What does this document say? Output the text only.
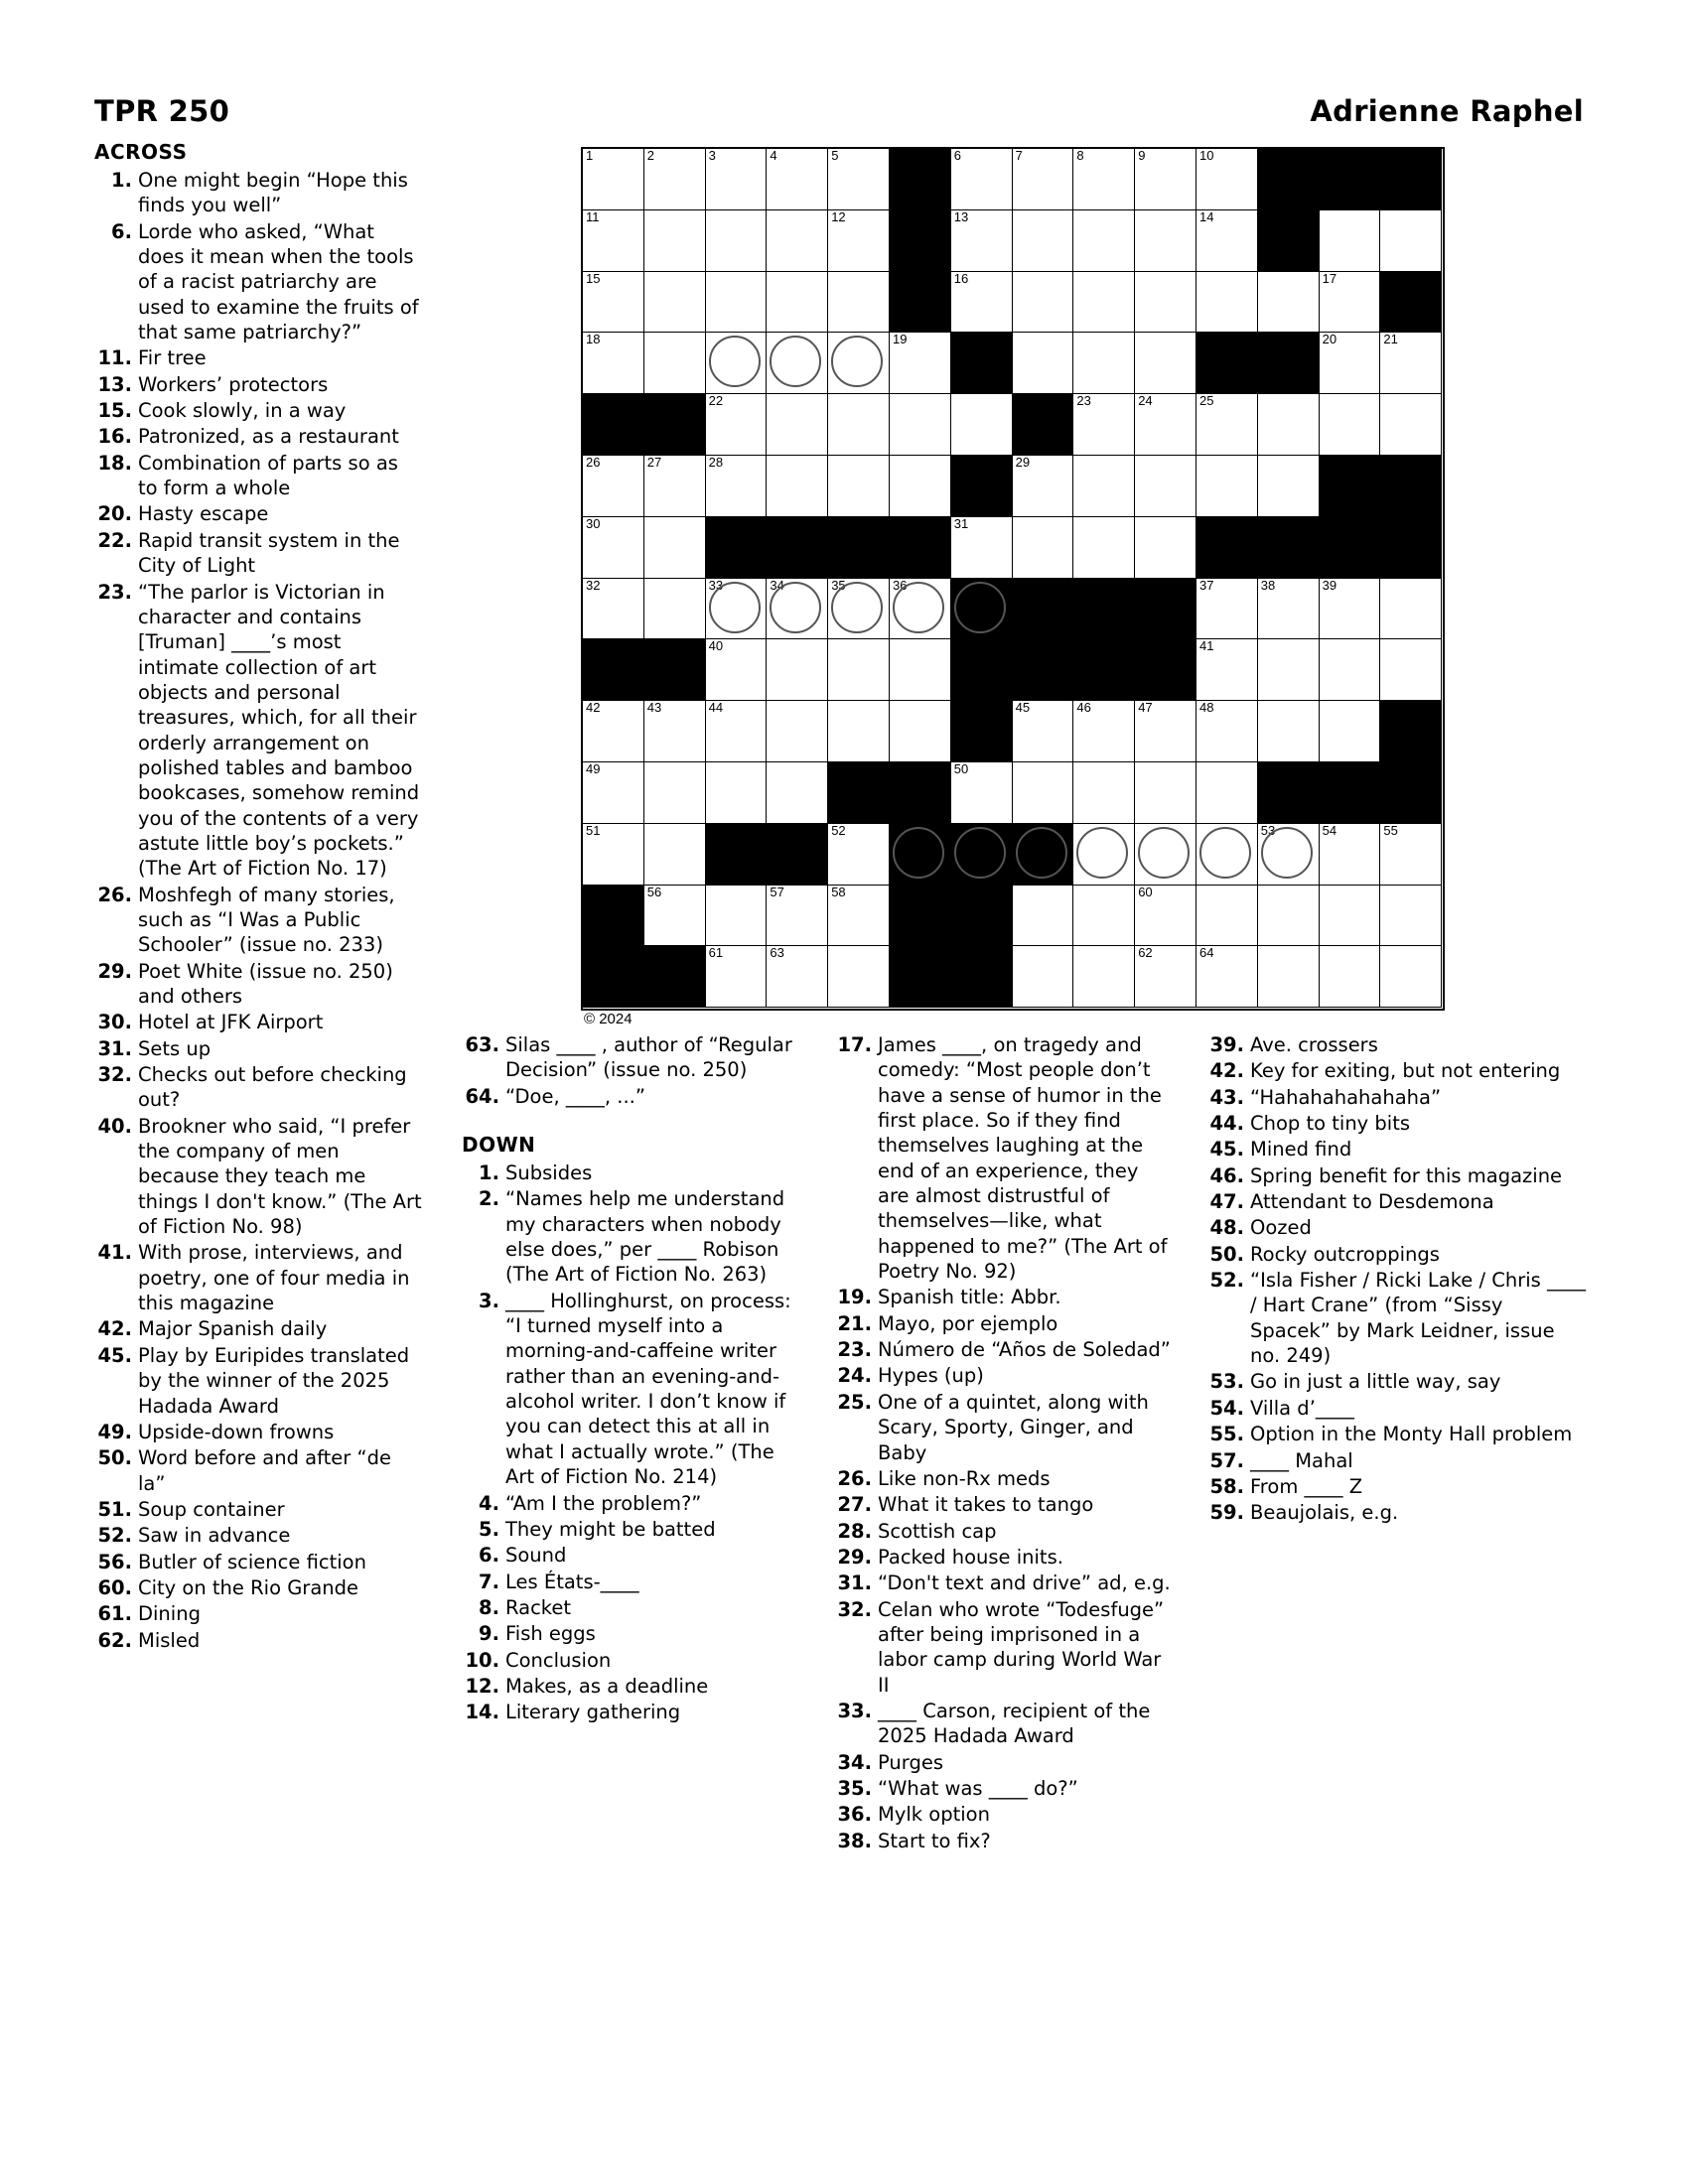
TPR 250	Adrienne Raphel
1	2	3	4	5	6	7	8	9	10
11	12	13	14
15	16	17
18	19	20	21
22	23	24	25
26	27	28	29
30	31
32	33	34	35	36	37	38	39
40	41
42	43	44	45	46	47	48
49	50
51	52	53	54	55
56	57	58	60
61	63	62	64
© 2024
ACROSS
1. One might begin “Hope this finds you well”
6. Lorde who asked, “What does it mean when the tools of a racist patriarchy are used to examine the fruits of that same patriarchy?”
11. Fir tree
13. Workers’ protectors
15. Cook slowly, in a way
16. Patronized, as a restaurant
18. Combination of parts so as to form a whole
20. Hasty escape
22. Rapid transit system in the City of Light
23. “The parlor is Victorian in character and contains [Truman] ____’s most intimate collection of art objects and personal treasures, which, for all their orderly arrangement on polished tables and bamboo bookcases, somehow remind you of the contents of a very astute little boy’s pockets.” (The Art of Fiction No. 17)
26. Moshfegh of many stories, such as “I Was a Public Schooler” (issue no. 233)
29. Poet White (issue no. 250) and others
30. Hotel at JFK Airport
31. Sets up
32. Checks out before checking out?
40. Brookner who said, “I prefer the company of men because they teach me things I don't know.” (The Art of Fiction No. 98)
41. With prose, interviews, and poetry, one of four media in this magazine
42. Major Spanish daily
45. Play by Euripides translated by the winner of the 2025 Hadada Award
49. Upside-down frowns
50. Word before and after “de la”
51. Soup container
52. Saw in advance
56. Butler of science fiction
60. City on the Rio Grande
61. Dining
62. Misled
63. Silas ____ , author of “Regular Decision” (issue no. 250)
64. “Doe, ____, ...”
DOWN
1. Subsides
2. “Names help me understand my characters when nobody else does,” per ____ Robison (The Art of Fiction No. 263)
3. ____ Hollinghurst, on process: “I turned myself into a morning-and-caffeine writer rather than an evening-and-alcohol writer. I don’t know if you can detect this at all in what I actually wrote.” (The Art of Fiction No. 214)
4. “Am I the problem?”
5. They might be batted
6. Sound
7. Les États-____
8. Racket
9. Fish eggs
10. Conclusion
12. Makes, as a deadline
14. Literary gathering
17. James ____, on tragedy and comedy: “Most people don’t have a sense of humor in the first place. So if they find themselves laughing at the end of an experience, they are almost distrustful of themselves—like, what happened to me?” (The Art of Poetry No. 92)
19. Spanish title: Abbr.
21. Mayo, por ejemplo
23. Número de “Años de Soledad”
24. Hypes (up)
25. One of a quintet, along with Scary, Sporty, Ginger, and Baby
26. Like non-Rx meds
27. What it takes to tango
28. Scottish cap
29. Packed house inits.
31. “Don't text and drive” ad, e.g.
32. Celan who wrote “Todesfuge” after being imprisoned in a labor camp during World War II
33. ____ Carson, recipient of the 2025 Hadada Award
34. Purges
35. “What was ____ do?”
36. Mylk option
38. Start to fix?
39. Ave. crossers
42. Key for exiting, but not entering
43. “Hahahahahahaha”
44. Chop to tiny bits
45. Mined find
46. Spring benefit for this magazine
47. Attendant to Desdemona
48. Oozed
50. Rocky outcroppings
52. “Isla Fisher / Ricki Lake / Chris ____ / Hart Crane” (from “Sissy Spacek” by Mark Leidner, issue no. 249)
53. Go in just a little way, say
54. Villa d’____
55. Option in the Monty Hall problem
57. ____ Mahal
58. From ____ Z
59. Beaujolais, e.g.
